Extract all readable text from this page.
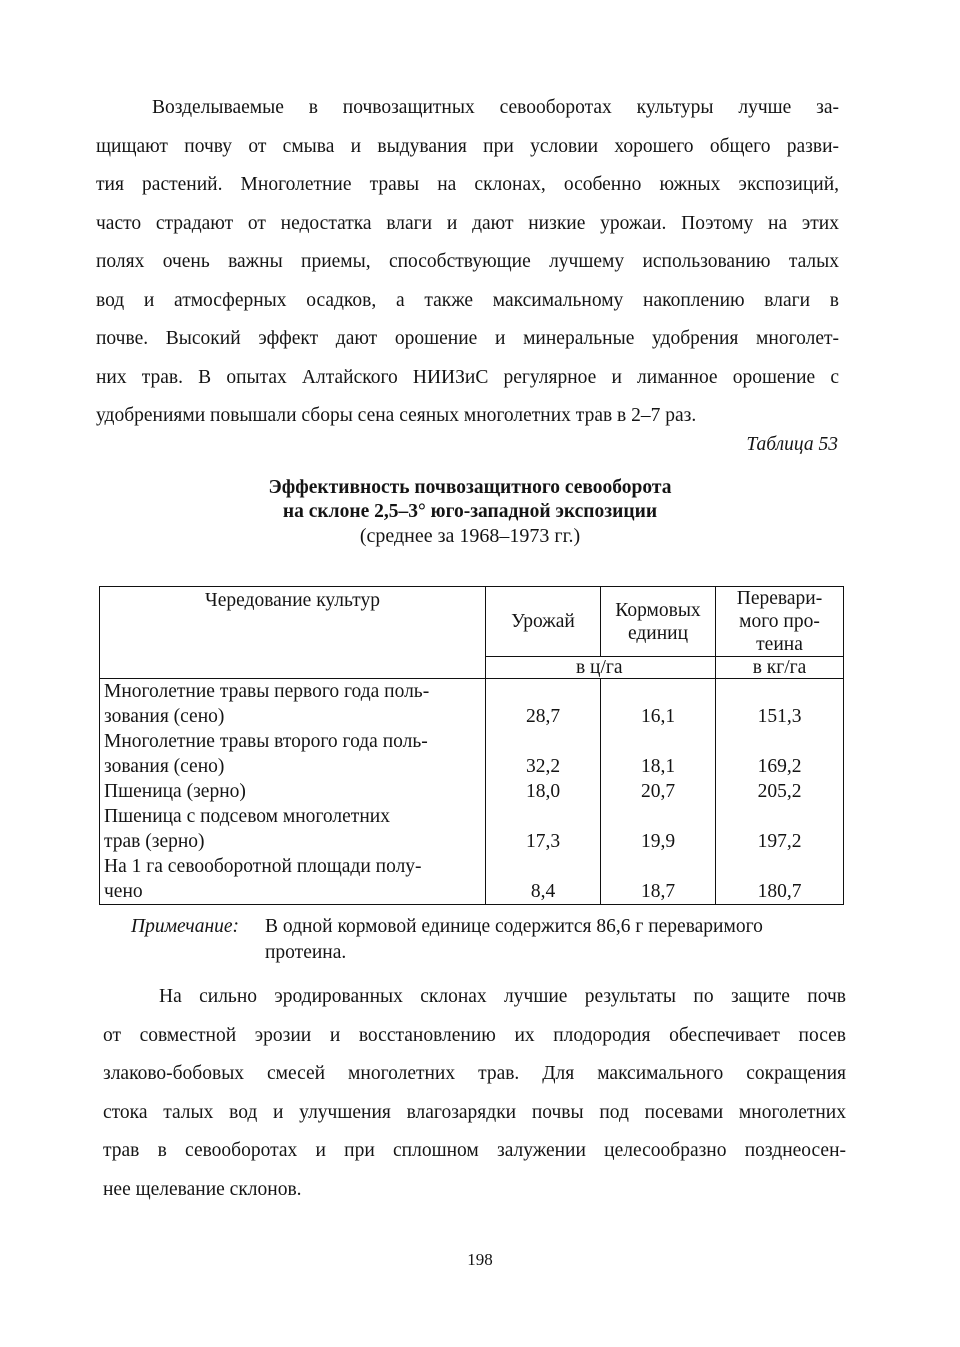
Возделываемые в почвозащитных севооборотах культуры лучше за-
щищают почву от смыва и выдувания при условии хорошего общего разви-
тия растений. Многолетние травы на склонах, особенно южных экспозиций,
часто страдают от недостатка влаги и дают низкие урожаи. Поэтому на этих
полях очень важны приемы, способствующие лучшему использованию талых
вод и атмосферных осадков, а также максимальному накоплению влаги в
почве. Высокий эффект дают орошение и минеральные удобрения многолет-
них трав. В опытах Алтайского НИИЗиС регулярное и лиманное орошение с
удобрениями повышали сборы сена сеяных многолетних трав в 2–7 раз.
Таблица 53
Эффективность почвозащитного севооборота
на склоне 2,5–3° юго-западной экспозиции
(среднее за 1968–1973 гг.)
Чередование культур	Урожай	Кормовых единиц	Перевари-мого про-теина
	в ц	/га	в кг/га

Многолетние травы первого года поль-
зования (сено)	28,7	16,1	151,3

Многолетние травы второго года поль-
зования (сено)	32,2	18,1	169,2

Пшеница (зерно)	18,0	20,7	205,2

Пшеница с подсевом многолетних
трав (зерно)	17,3	19,9	197,2

На 1 га севооборотной площади полу-
чено	8,4	18,7	180,7
Примечание: В одной кормовой единице содержится 86,6 г переваримого протеина.
На сильно эродированных склонах лучшие результаты по защите почв
от совместной эрозии и восстановлению их плодородия обеспечивает посев
злаково-бобовых смесей многолетних трав. Для максимального сокращения
стока талых вод и улучшения влагозарядки почвы под посевами многолетних
трав в севооборотах и при сплошном залужении целесообразно позднеосен-
нее щелевание склонов.
198
